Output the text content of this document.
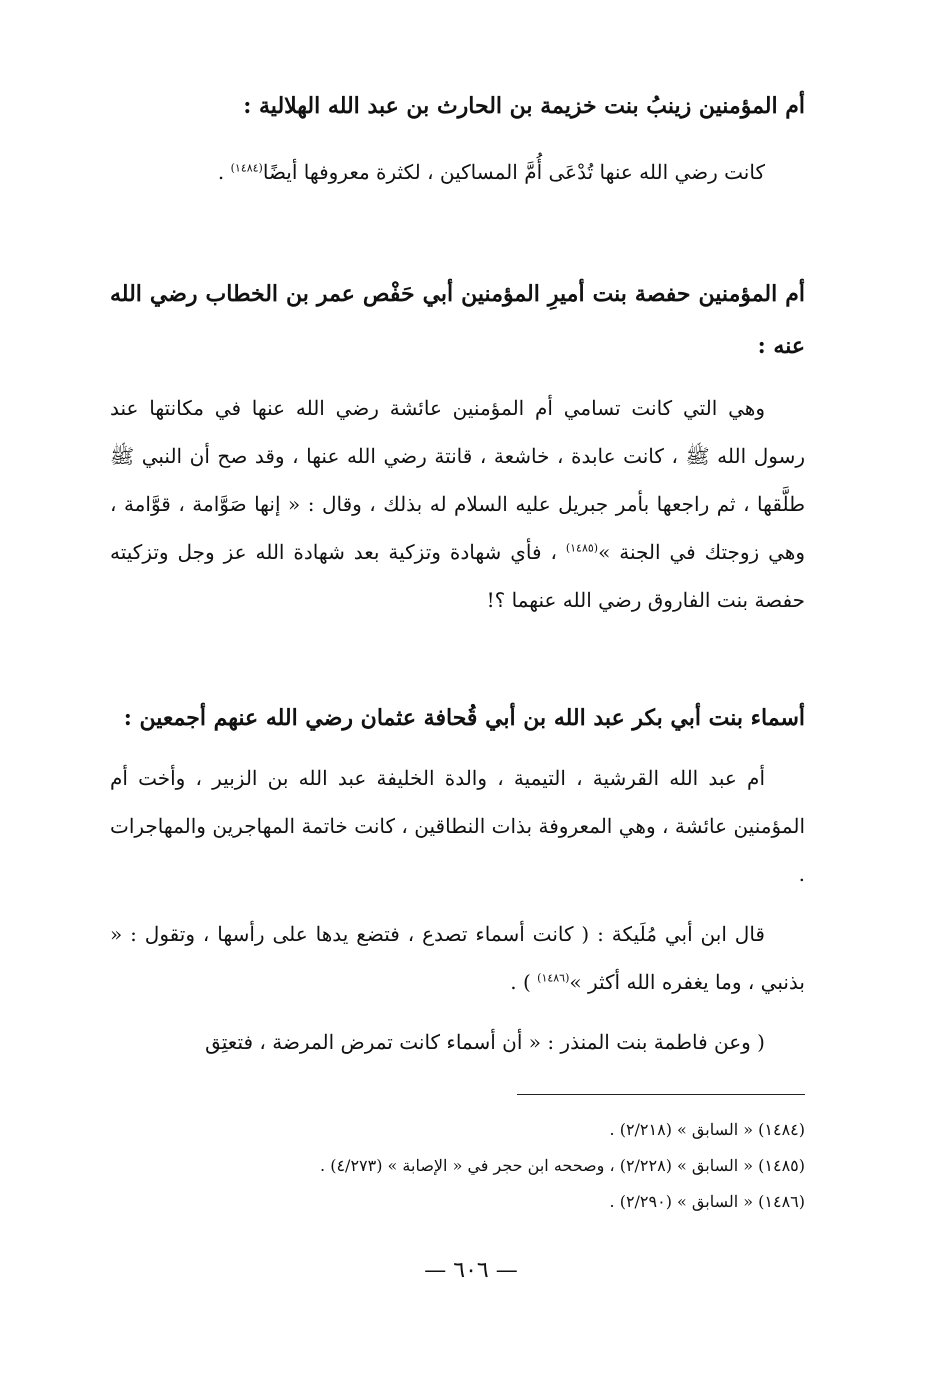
أم المؤمنين زينبُ بنت خزيمة بن الحارث بن عبد الله الهلالية :
كانت رضي الله عنها تُدْعَى أُمَّ المساكين ، لكثرة معروفها أيضًا$^{(١٤٨٤)}$ .
أم المؤمنين حفصة بنت أميرِ المؤمنين أبي حَفْص عمر بن الخطاب رضي الله عنه :
وهي التي كانت تسامي أم المؤمنين عائشة رضي الله عنها في مكانتها عند رسول الله ﷺ ، كانت عابدة ، خاشعة ، قانتة رضي الله عنها ، وقد صح أن النبي ﷺ طلَّقها ، ثم راجعها بأمر جبريل عليه السلام له بذلك ، وقال : « إنها صَوَّامة ، قوَّامة ، وهي زوجتك في الجنة »$^{(١٤٨٥)}$ ، فأي شهادة وتزكية بعد شهادة الله عز وجل وتزكيته حفصة بنت الفاروق رضي الله عنهما ؟!
أسماء بنت أبي بكر عبد الله بن أبي قُحافة عثمان رضي الله عنهم أجمعين :
أم عبد الله القرشية ، التيمية ، والدة الخليفة عبد الله بن الزبير ، وأخت أم المؤمنين عائشة ، وهي المعروفة بذات النطاقين ، كانت خاتمة المهاجرين والمهاجرات .
قال ابن أبي مُلَيكة : ( كانت أسماء تصدع ، فتضع يدها على رأسها ، وتقول : « بذنبي ، وما يغفره الله أكثر »$^{(١٤٨٦)}$ ) .
( وعن فاطمة بنت المنذر : « أن أسماء كانت تمرض المرضة ، فتعتِق
(١٤٨٤) « السابق » (٢/٢١٨) .
(١٤٨٥) « السابق » (٢/٢٢٨) ، وصححه ابن حجر في « الإصابة » (٤/٢٧٣) .
(١٤٨٦) « السابق » (٢/٢٩٠) .
— ٦٠٦ —
